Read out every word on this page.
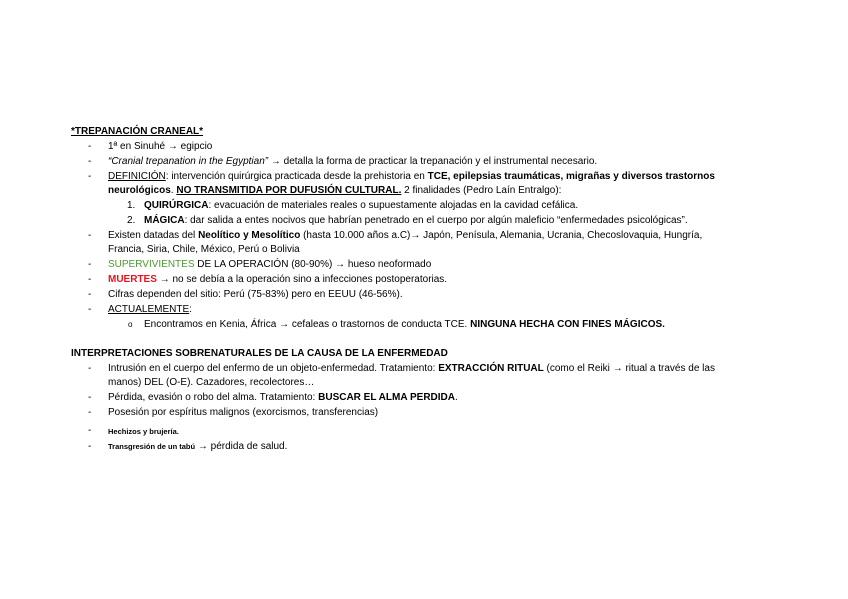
*TREPANACIÓN CRANEAL*
- 1ª en Sinuhé → egipcio
- “Cranial trepanation in the Egyptian” → detalla la forma de practicar la trepanación y el instrumental necesario.
- DEFINICIÓN: intervención quirúrgica practicada desde la prehistoria en TCE, epilepsias traumáticas, migrañas y diversos trastornos
neurológicos. NO TRANSMITIDA POR DUFUSIÓN CULTURAL. 2 finalidades (Pedro Laín Entralgo):
1. QUIRÚRGICA: evacuación de materiales reales o supuestamente alojadas en la cavidad cefálica.
2. MÁGICA: dar salida a entes nocivos que habrían penetrado en el cuerpo por algún maleficio “enfermedades psicológicas”.
- Existen datadas del Neolítico y Mesolítico (hasta 10.000 años a.C)→ Japón, Penísula, Alemania, Ucrania, Checoslovaquia, Hungría,
Francia, Siria, Chile, México, Perú o Bolivia
- SUPERVIVIENTES DE LA OPERACIÓN (80-90%) → hueso neoformado
- MUERTES → no se debía a la operación sino a infecciones postoperatorias.
- Cifras dependen del sitio: Perú (75-83%) pero en EEUU (46-56%).
- ACTUALEMENTE:
o Encontramos en Kenia, África → cefaleas o trastornos de conducta TCE. NINGUNA HECHA CON FINES MÁGICOS.
INTERPRETACIONES SOBRENATURALES DE LA CAUSA DE LA ENFERMEDAD
- Intrusión en el cuerpo del enfermo de un objeto-enfermedad. Tratamiento: EXTRACCIÓN RITUAL (como el Reiki → ritual a través de las
manos) DEL (O-E). Cazadores, recolectores…
- Pérdida, evasión o robo del alma. Tratamiento: BUSCAR EL ALMA PERDIDA.
- Posesión por espíritus malignos (exorcismos, transferencias)
- Hechizos y brujería.
- Transgresión de un tabú → pérdida de salud.
